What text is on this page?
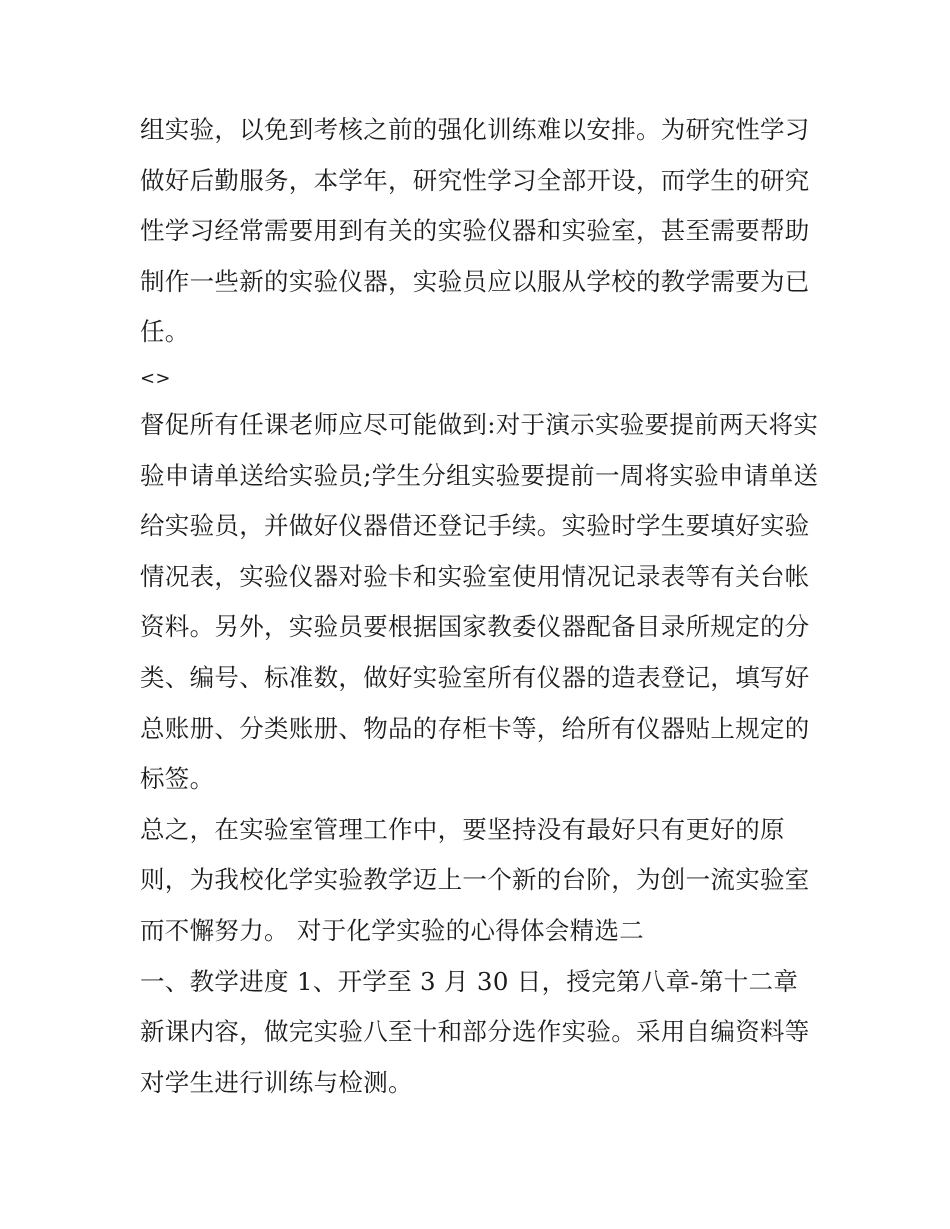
组实验，以免到考核之前的强化训练难以安排。为研究性学习做好后勤服务，本学年，研究性学习全部开设，而学生的研究性学习经常需要用到有关的实验仪器和实验室，甚至需要帮助制作一些新的实验仪器，实验员应以服从学校的教学需要为已任。

<>

督促所有任课老师应尽可能做到:对于演示实验要提前两天将实验申请单送给实验员;学生分组实验要提前一周将实验申请单送给实验员，并做好仪器借还登记手续。实验时学生要填好实验情况表，实验仪器对验卡和实验室使用情况记录表等有关台帐资料。另外，实验员要根据国家教委仪器配备目录所规定的分类、编号、标准数，做好实验室所有仪器的造表登记，填写好总账册、分类账册、物品的存柜卡等，给所有仪器贴上规定的标签。

总之，在实验室管理工作中，要坚持没有最好只有更好的原则，为我校化学实验教学迈上一个新的台阶，为创一流实验室而不懈努力。 对于化学实验的心得体会精选二

一、教学进度 1、开学至 3 月 30 日，授完第八章-第十二章新课内容，做完实验八至十和部分选作实验。采用自编资料等对学生进行训练与检测。
